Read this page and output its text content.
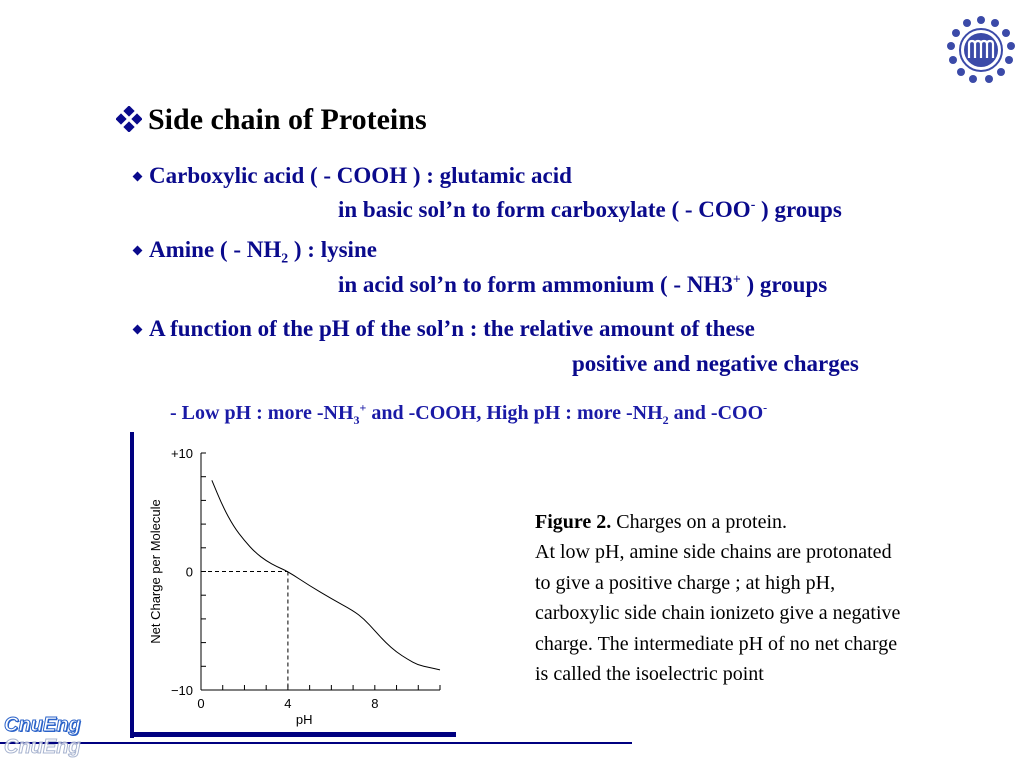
Side chain of Proteins
Carboxylic acid ( - COOH ) : glutamic acid
in basic sol’n to form carboxylate ( - COO- ) groups
Amine ( - $NH_2$ ) : lysine
in acid sol’n to form ammonium ( - NH3+ ) groups
A function of the pH of the sol’n : the relative amount of these
positive and negative charges
- Low pH : more $-NH_3^+$ and -COOH, High pH : more $-NH_2$ and -COO-
0	4	8
+10
0
−10
pH
Net Charge per Molecule	Figure 2. Charges on a protein.
At low pH, amine side chains are protonated
to give a positive charge ; at high pH,
carboxylic side chain ionizeto give a negative
charge. The intermediate pH of no net charge
is called the isoelectric point
CnuEng
CnuEng
